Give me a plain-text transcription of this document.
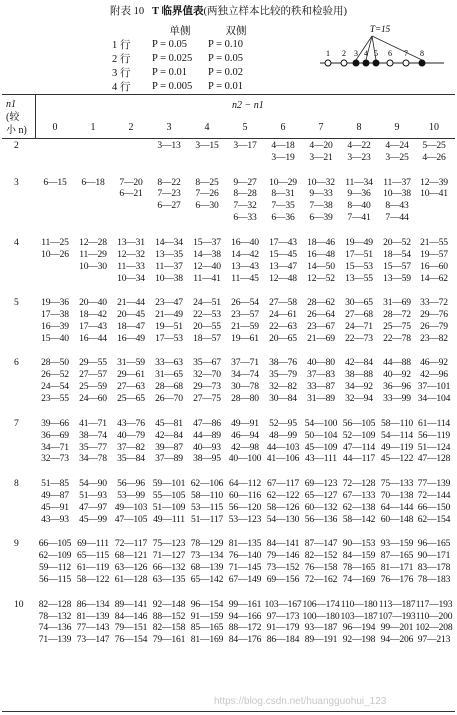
附表 10 T 临界值表(两独立样本比较的秩和检验用)
单侧	双侧
1 行	P = 0.05	P = 0.10
2 行	P = 0.025	P = 0.05
3 行	P = 0.01	P = 0.02
4 行	P = 0.005	P = 0.01
T=15
1 2 3 4 5 6 7 8
n1
(较
小 n)
n2 − n1
0	1	2	3	4	5	6	7	8	9	10
2	3—13	3—15	3—17	4—18	4—20	4—22	4—24	5—25
3—19	3—21	3—23	3—25	4—26
3	6—15	6—18	7—20	8—22	8—25	9—27	10—29	10—32	11—34	11—37 12—39
6—21	7—23	7—26	8—28	8—31	9—33	9—36	10—38 10—41
6—27	6—30	7—32	7—35	7—38	8—40	8—43
6—33	6—36	6—39	7—41	7—44
4	11—25	12—28	13—31	14—34	15—37	16—40	17—43	18—46	19—49	20—52 21—55
10—26	11—29	12—32	13—35	14—38	14—42	15—45	16—48	17—51	18—54 19—57
10—30	11—33	11—37	12—40	13—43	13—47	14—50	15—53	15—57 16—60
10—34	10—38	11—41	11—45	12—48	12—52	13—55	13—59 14—62
5	19—36	20—40	21—44	23—47	24—51	26—54	27—58	28—62	30—65	31—69 33—72
17—38	18—42	20—45	21—49	22—53	23—57	24—61	26—64	27—68	28—72 29—76
16—39	17—43	18—47	19—51	20—55	21—59	22—63	23—67	24—71	25—75 26—79
15—40	16—44	16—49	17—53	18—57	19—61	20—65	21—69	22—73	22—78 23—82
6	28—50	29—55	31—59	33—63	35—67	37—71	38—76	40—80	42—84	44—88 46—92
26—52	27—57	29—61	31—65	32—70	34—74	35—79	37—83	38—88	40—92 42—96
24—54	25—59	27—63	28—68	29—73	30—78	32—82	33—87	34—92	36—96 37—101
23—55	24—60	25—65	26—70	27—75	28—80	30—84	31—89	32—94	33—99 34—104
7	39—66	41—71	43—76	45—81	47—86	49—91	52—95 54—100 56—105 58—110 61—114
36—69	38—74	40—79	42—84	44—89	46—94	48—99 50—104 52—109 54—114 56—119
34—71	35—77	37—82	39—87	40—93	42—98 44—103 45—109 47—114 49—119 51—124
32—73	34—78	35—84	37—89	38—95 40—100 41—106 43—111 44—117 45—122 47—128
8	51—85	54—90	56—96 59—101 62—106 64—112 67—117 69—123 72—128 75—133 77—139
49—87	51—93	53—99 55—105 58—110 60—116 62—122 65—127 67—133 70—138 72—144
45—91	47—97 49—103 51—109 53—115 56—120 58—126 60—132 62—138 64—144 66—150
43—93	45—99 47—105 49—111 51—117 53—123 54—130 56—136 58—142 60—148 62—154
9	66—105 69—111 72—117 75—123 78—129 81—135 84—141 87—147 90—153 93—159 96—165
62—109 65—115 68—121 71—127 73—134 76—140 79—146 82—152 84—159 87—165 90—171
59—112 61—119 63—126 66—132 68—139 71—145 73—152 76—158 78—165 81—171 83—178
56—115 58—122 61—128 63—135 65—142 67—149 69—156 72—162 74—169 76—176 78—183
10	82—128 86—134 89—141 92—148 96—154 99—161 103—167 106—174 110—180 113—187 117—193
78—132 81—139 84—146 88—152 91—159 94—166 97—173 100—180 103—187 107—193 110—200
74—136 77—143 79—151 82—158 85—165 88—172 91—179 93—187 96—194 99—201 102—208
71—139 73—147 76—154 79—161 81—169 84—176 86—184 89—191 92—198 94—206 97—213
https://blog.csdn.net/huangguohui_123
